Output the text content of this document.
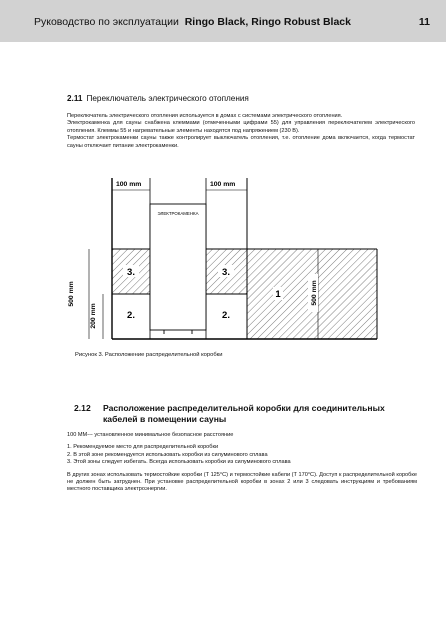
Руководство по эксплуатации Ringo Black, Ringo Robust Black	11
2.11 Переключатель электрического отопления

Переключатель электрического отопления используется в домах с системами электрического отопления.

Электрокаменка для сауны снабжена клеммами (отмеченными цифрами 55) для управления переключателем электрического отопления. Клеммы 55 и нагревательные элементы находятся под напряжением (230 В).

Термостат электрокаменки сауны также контролирует выключатель отопления, т.е. отопление дома включается, когда термостат сауны отключает питание электрокаменки.

ЭЛЕКТРОКАМЕНКА
100 mm	100 mm
500 mm
200 mm
500 mm
3.	3.
2.	2.
1
Рисунок 3. Расположение распределительной коробки
2.12 Расположение распределительной коробки для соединительных
кабелей в помещении сауны
100 ММ--- установленное минимальное безопасное расстояние
1. Рекомендуемое место для распределительной коробки
2. В этой зоне рекомендуется использовать коробки из силуминового сплава
3. Этой зоны следует избегать. Всегда использовать коробки из силуминового сплава
В других зонах использовать термостойкие коробки (T 125°C) и термостойкие кабели (T 170°C). Доступ к распределительной коробке не должен быть затруднен. При установке распределительной коробки в зонах 2 или 3 следовать инструкциям и требованиям местного поставщика электроэнергии.
